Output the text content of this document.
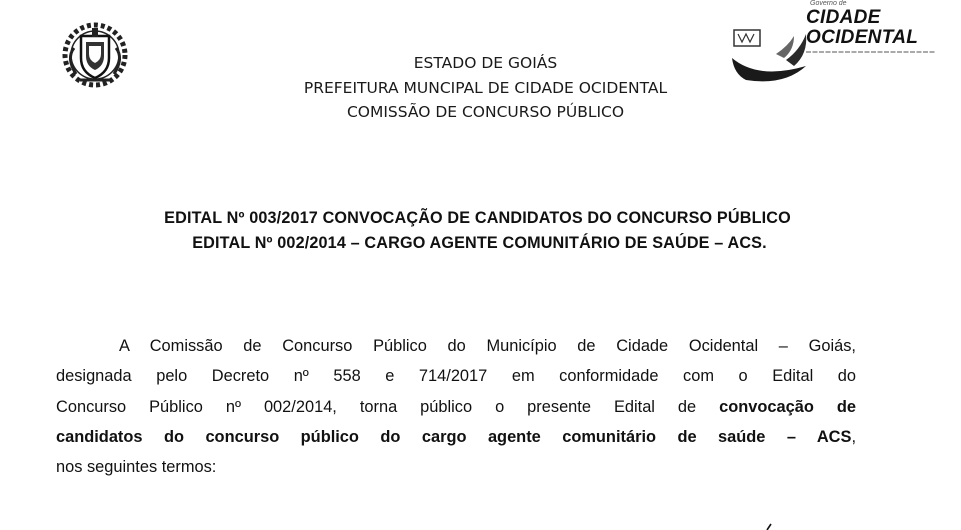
ESTADO DE GOIÁS
PREFEITURA MUNCIPAL DE CIDADE OCIDENTAL
COMISSÃO DE CONCURSO PÚBLICO
Governo de
CIDADE
OCIDENTAL
EDITAL Nº 003/2017 CONVOCAÇÃO DE CANDIDATOS DO CONCURSO PÚBLICO
EDITAL Nº 002/2014 – CARGO AGENTE COMUNITÁRIO DE SAÚDE – ACS.

A Comissão de Concurso Público do Município de Cidade Ocidental – Goiás,

designada pelo Decreto nº 558 e 714/2017 em conformidade com o Edital do

Concurso Público nº 002/2014, torna público o presente Edital de convocação de

candidatos do concurso público do cargo agente comunitário de saúde – ACS,

nos seguintes termos:
